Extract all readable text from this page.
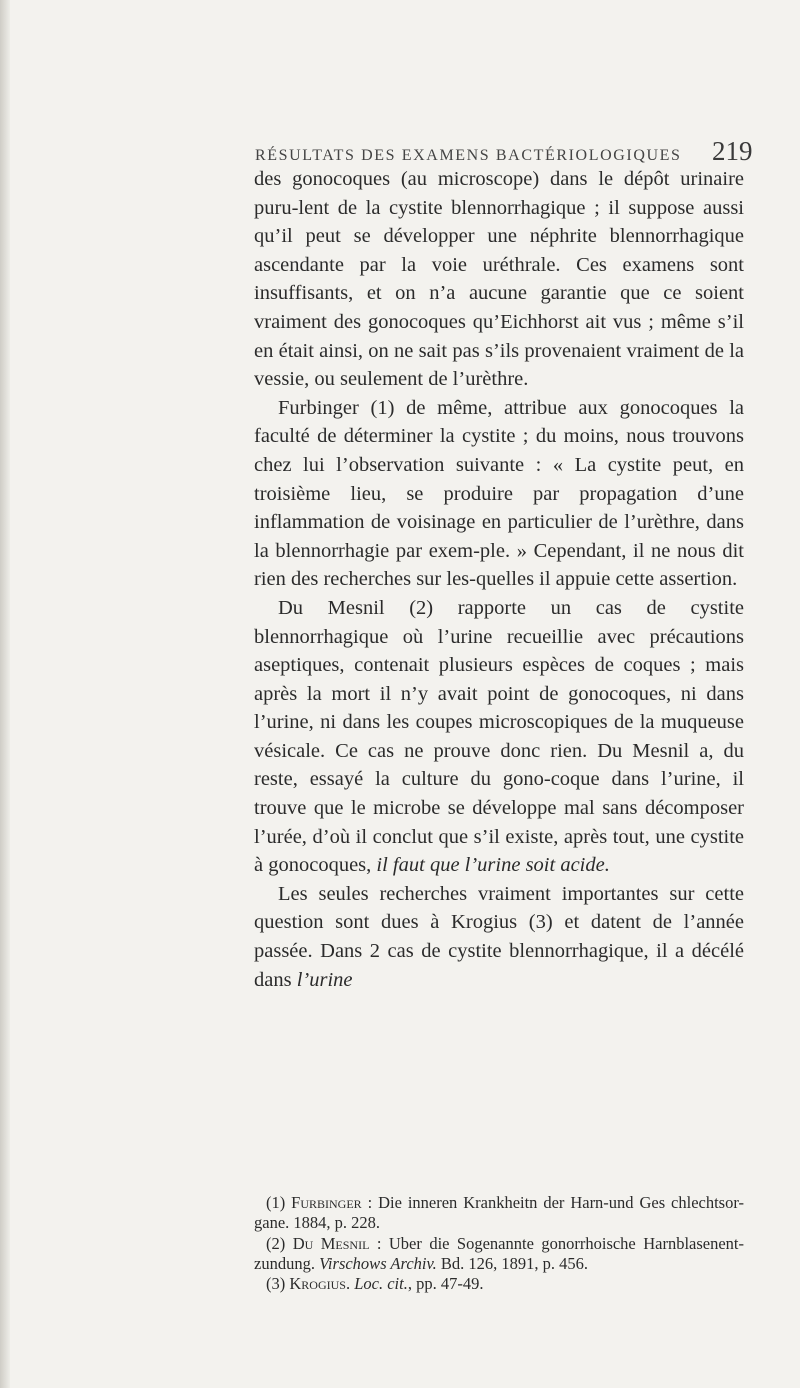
RÉSULTATS DES EXAMENS BACTÉRIOLOGIQUES 219

des gonocoques (au microscope) dans le dépôt urinaire puru-lent de la cystite blennorrhagique ; il suppose aussi qu’il peut se développer une néphrite blennorrhagique ascendante par la voie uréthrale. Ces examens sont insuffisants, et on n’a aucune garantie que ce soient vraiment des gonocoques qu’Eichhorst ait vus ; même s’il en était ainsi, on ne sait pas s’ils provenaient vraiment de la vessie, ou seulement de l’urèthre.

Furbinger (1) de même, attribue aux gonocoques la faculté de déterminer la cystite ; du moins, nous trouvons chez lui l’observation suivante : « La cystite peut, en troisième lieu, se produire par propagation d’une inflammation de voisinage en particulier de l’urèthre, dans la blennorrhagie par exem-ple. » Cependant, il ne nous dit rien des recherches sur les-quelles il appuie cette assertion.

Du Mesnil (2) rapporte un cas de cystite blennorrhagique où l’urine recueillie avec précautions aseptiques, contenait plusieurs espèces de coques ; mais après la mort il n’y avait point de gonocoques, ni dans l’urine, ni dans les coupes microscopiques de la muqueuse vésicale. Ce cas ne prouve donc rien. Du Mesnil a, du reste, essayé la culture du gono-coque dans l’urine, il trouve que le microbe se développe mal sans décomposer l’urée, d’où il conclut que s’il existe, après tout, une cystite à gonocoques, il faut que l’urine soit acide.

Les seules recherches vraiment importantes sur cette question sont dues à Krogius (3) et datent de l’année passée. Dans 2 cas de cystite blennorrhagique, il a décélé dans l’urine

(1) Furbinger : Die inneren Krankheitn der Harn-und Ges chlechtsor-gane. 1884, p. 228.

(2) Du Mesnil : Uber die Sogenannte gonorrhoische Harnblasenent-zundung. Virschows Archiv. Bd. 126, 1891, p. 456.

(3) Krogius. Loc. cit., pp. 47-49.
